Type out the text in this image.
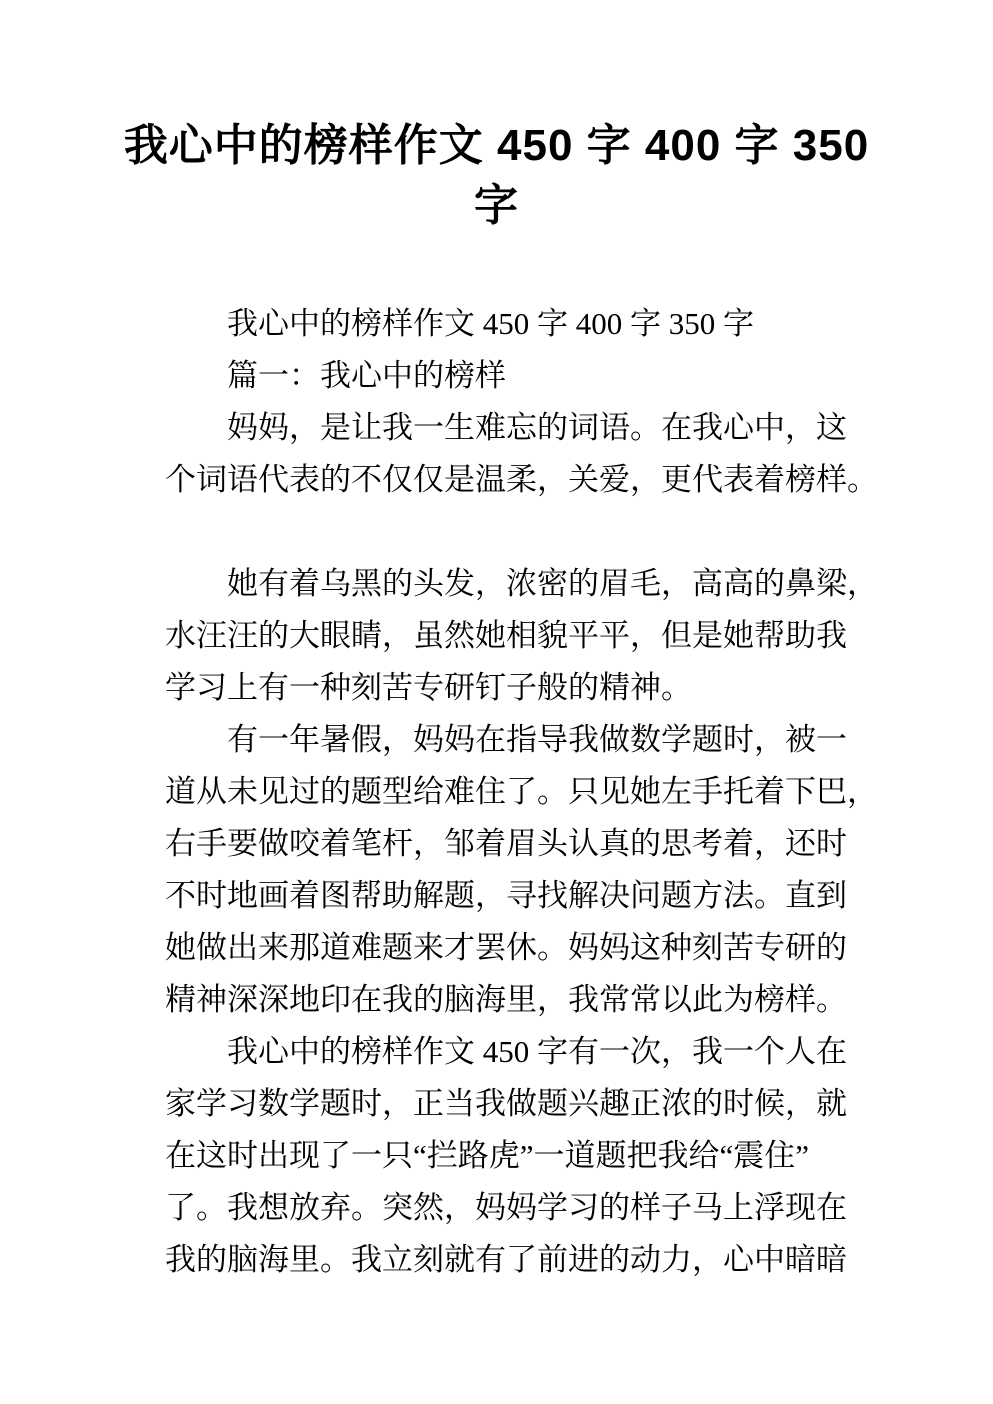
我心中的榜样作文 450 字 400 字 350
字
我心中的榜样作文 450 字 400 字 350 字
篇一：我心中的榜样
妈妈，是让我一生难忘的词语。在我心中，这
个词语代表的不仅仅是温柔，关爱，更代表着榜样。

她有着乌黑的头发，浓密的眉毛，高高的鼻梁，
水汪汪的大眼睛，虽然她相貌平平，但是她帮助我
学习上有一种刻苦专研钉子般的精神。
有一年暑假，妈妈在指导我做数学题时，被一
道从未见过的题型给难住了。只见她左手托着下巴，
右手要做咬着笔杆，邹着眉头认真的思考着，还时
不时地画着图帮助解题，寻找解决问题方法。直到
她做出来那道难题来才罢休。妈妈这种刻苦专研的
精神深深地印在我的脑海里，我常常以此为榜样。
我心中的榜样作文 450 字有一次，我一个人在
家学习数学题时，正当我做题兴趣正浓的时候，就
在这时出现了一只“拦路虎”一道题把我给“震住”
了。我想放弃。突然，妈妈学习的样子马上浮现在
我的脑海里。我立刻就有了前进的动力，心中暗暗
